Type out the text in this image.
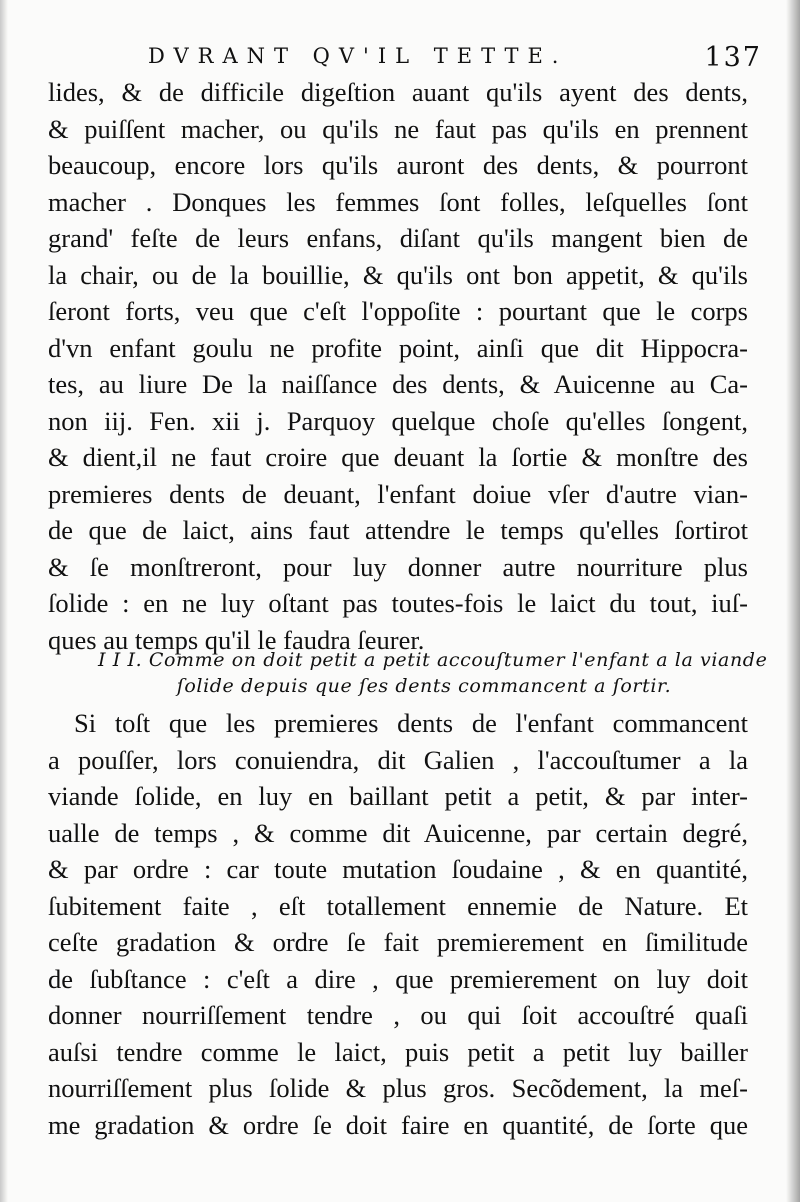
DVRANT QV'IL TETTE.	137
lides, & de difficile digeſtion auant qu'ils ayent des dents,
& puiſſent macher, ou qu'ils ne faut pas qu'ils en prennent
beaucoup, encore lors qu'ils auront des dents, & pourront
macher . Donques les femmes ſont folles, leſquelles ſont
grand' feſte de leurs enfans, diſant qu'ils mangent bien de
la chair, ou de la bouillie, & qu'ils ont bon appetit, & qu'ils
ſeront forts, veu que c'eſt l'oppoſite : pourtant que le corps
d'vn enfant goulu ne profite point, ainſi que dit Hippocra-
tes, au liure De la naiſſance des dents, & Auicenne au Ca-
non iij. Fen. xii j. Parquoy quelque choſe qu'elles ſongent,
& dient,il ne faut croire que deuant la ſortie & monſtre des
premieres dents de deuant, l'enfant doiue vſer d'autre vian-
de que de laict, ains faut attendre le temps qu'elles ſortirot
& ſe monſtreront, pour luy donner autre nourriture plus
ſolide : en ne luy oſtant pas toutes-fois le laict du tout, iuſ-
ques au temps qu'il le faudra ſeurer.
I I I. Comme on doit petit a petit accouſtumer l'enfant a la viande
ſolide depuis que ſes dents commancent a ſortir.
Si toſt que les premieres dents de l'enfant commancent
a pouſſer, lors conuiendra, dit Galien , l'accouſtumer a la
viande ſolide, en luy en baillant petit a petit, & par inter-
ualle de temps , & comme dit Auicenne, par certain degré,
& par ordre : car toute mutation ſoudaine , & en quantité,
ſubitement faite , eſt totallement ennemie de Nature. Et
ceſte gradation & ordre ſe fait premierement en ſimilitude
de ſubſtance : c'eſt a dire , que premierement on luy doit
donner nourriſſement tendre , ou qui ſoit accouſtré quaſi
auſsi tendre comme le laict, puis petit a petit luy bailler
nourriſſement plus ſolide & plus gros. Secõdement, la meſ-
me gradation & ordre ſe doit faire en quantité, de ſorte que
